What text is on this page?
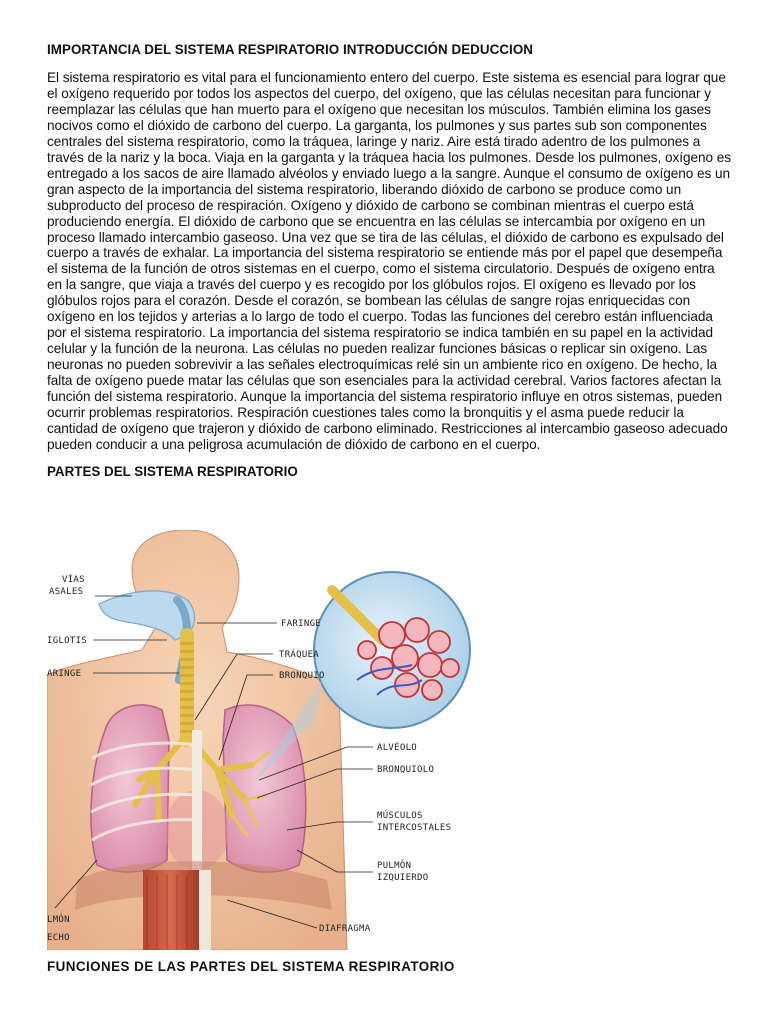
IMPORTANCIA DEL SISTEMA RESPIRATORIO INTRODUCCIÓN DEDUCCION

El sistema respiratorio es vital para el funcionamiento entero del cuerpo. Este sistema es esencial para lograr que el oxígeno requerido por todos los aspectos del cuerpo, del oxígeno, que las células necesitan para funcionar y reemplazar las células que han muerto para el oxígeno que necesitan los músculos. También elimina los gases nocivos como el dióxido de carbono del cuerpo. La garganta, los pulmones y sus partes sub son componentes centrales del sistema respiratorio, como la tráquea, laringe y nariz. Aire está tirado adentro de los pulmones a través de la nariz y la boca. Viaja en la garganta y la tráquea hacia los pulmones. Desde los pulmones, oxígeno es entregado a los sacos de aire llamado alvéolos y enviado luego a la sangre. Aunque el consumo de oxígeno es un gran aspecto de la importancia del sistema respiratorio, liberando dióxido de carbono se produce como un subproducto del proceso de respiración. Oxígeno y dióxido de carbono se combinan mientras el cuerpo está produciendo energía. El dióxido de carbono que se encuentra en las células se intercambia por oxígeno en un proceso llamado intercambio gaseoso. Una vez que se tira de las células, el dióxido de carbono es expulsado del cuerpo a través de exhalar. La importancia del sistema respiratorio se entiende más por el papel que desempeña el sistema de la función de otros sistemas en el cuerpo, como el sistema circulatorio. Después de oxígeno entra en la sangre, que viaja a través del cuerpo y es recogido por los glóbulos rojos. El oxígeno es llevado por los glóbulos rojos para el corazón. Desde el corazón, se bombean las células de sangre rojas enriquecidas con oxígeno en los tejidos y arterias a lo largo de todo el cuerpo. Todas las funciones del cerebro están influenciada por el sistema respiratorio. La importancia del sistema respiratorio se indica también en su papel en la actividad celular y la función de la neurona. Las células no pueden realizar funciones básicas o replicar sin oxígeno. Las neuronas no pueden sobrevivir a las señales electroquímicas relé sin un ambiente rico en oxígeno. De hecho, la falta de oxígeno puede matar las células que son esenciales para la actividad cerebral. Varios factores afectan la función del sistema respiratorio. Aunque la importancia del sistema respiratorio influye en otros sistemas, pueden ocurrir problemas respiratorios. Respiración cuestiones tales como la bronquitis y el asma puede reducir la cantidad de oxígeno que trajeron y dióxido de carbono eliminado. Restricciones al intercambio gaseoso adecuado pueden conducir a una peligrosa acumulación de dióxido de carbono en el cuerpo.

PARTES DEL SISTEMA RESPIRATORIO
VÍAS
ASALES
IGLOTIS
ARINGE
FARINGE
TRÁQUEA
BRONQUIO
ALVÉOLO
BRONQUIOLO
MÚSCULOS
INTERCOSTALES
PULMÓN
IZQUIERDO
LMÓN
ECHO
DIAFRAGMA
FUNCIONES DE LAS PARTES DEL SISTEMA RESPIRATORIO
